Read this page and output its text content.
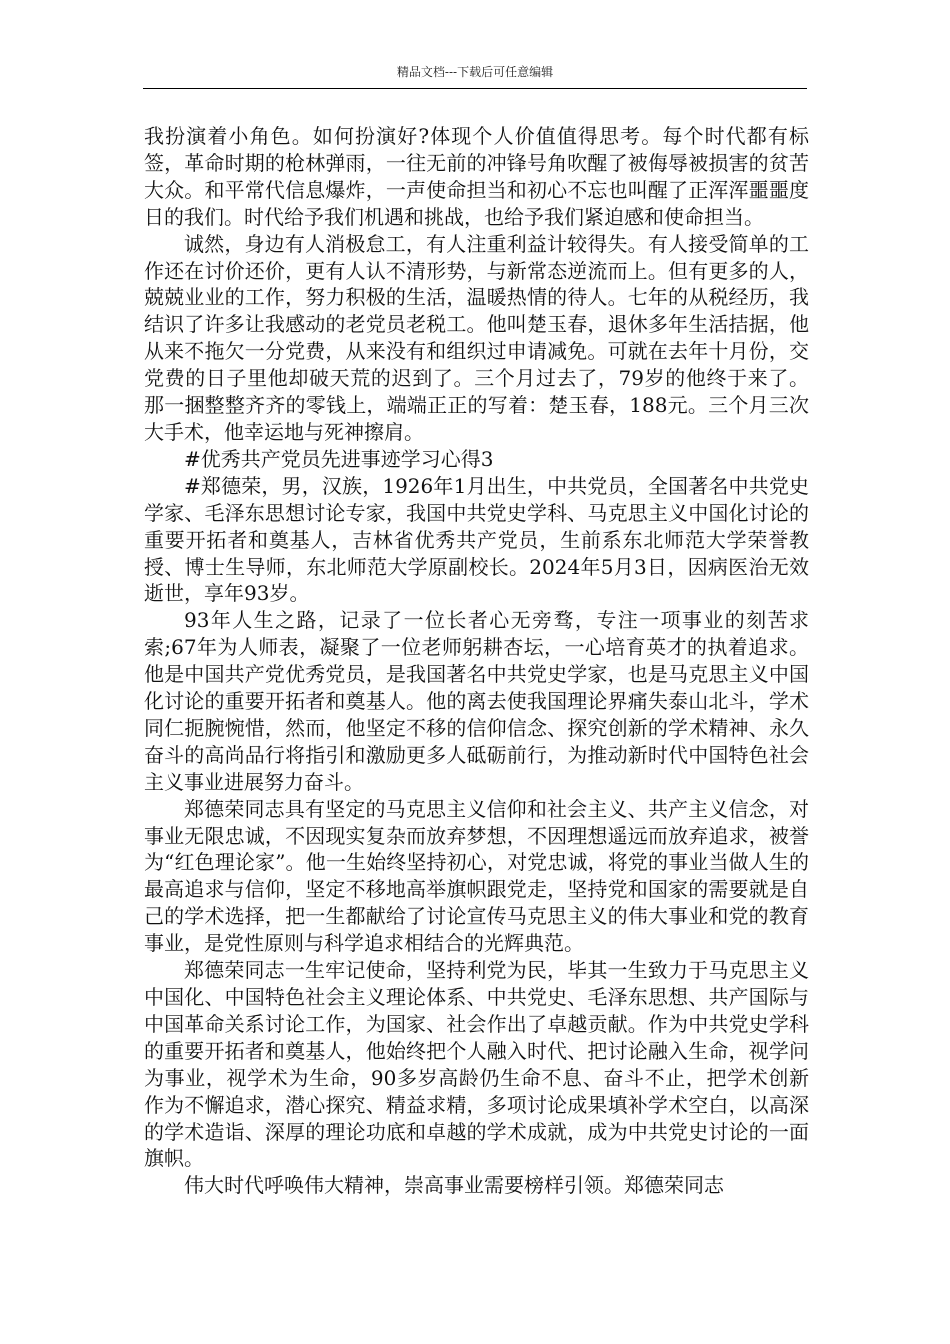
精品文档---下载后可任意编辑

我扮演着小角色。如何扮演好?体现个人价值值得思考。每个时代都有标签，革命时期的枪林弹雨，一往无前的冲锋号角吹醒了被侮辱被损害的贫苦大众。和平常代信息爆炸，一声使命担当和初心不忘也叫醒了正浑浑噩噩度日的我们。时代给予我们机遇和挑战，也给予我们紧迫感和使命担当。

诚然，身边有人消极怠工，有人注重利益计较得失。有人接受简单的工作还在讨价还价，更有人认不清形势，与新常态逆流而上。但有更多的人，兢兢业业的工作，努力积极的生活，温暖热情的待人。七年的从税经历，我结识了许多让我感动的老党员老税工。他叫楚玉春，退休多年生活拮据，他从来不拖欠一分党费，从来没有和组织过申请减免。可就在去年十月份，交党费的日子里他却破天荒的迟到了。三个月过去了，79岁的他终于来了。那一捆整整齐齐的零钱上，端端正正的写着：楚玉春，188元。三个月三次大手术，他幸运地与死神擦肩。

#优秀共产党员先进事迹学习心得3

#郑德荣，男，汉族，1926年1月出生，中共党员，全国著名中共党史学家、毛泽东思想讨论专家，我国中共党史学科、马克思主义中国化讨论的重要开拓者和奠基人，吉林省优秀共产党员，生前系东北师范大学荣誉教授、博士生导师，东北师范大学原副校长。2024年5月3日，因病医治无效逝世，享年93岁。

93年人生之路，记录了一位长者心无旁骛，专注一项事业的刻苦求索;67年为人师表，凝聚了一位老师躬耕杏坛，一心培育英才的执着追求。他是中国共产党优秀党员，是我国著名中共党史学家，也是马克思主义中国化讨论的重要开拓者和奠基人。他的离去使我国理论界痛失泰山北斗，学术同仁扼腕惋惜，然而，他坚定不移的信仰信念、探究创新的学术精神、永久奋斗的高尚品行将指引和激励更多人砥砺前行，为推动新时代中国特色社会主义事业进展努力奋斗。

郑德荣同志具有坚定的马克思主义信仰和社会主义、共产主义信念，对事业无限忠诚，不因现实复杂而放弃梦想，不因理想遥远而放弃追求，被誉为“红色理论家”。他一生始终坚持初心，对党忠诚，将党的事业当做人生的最高追求与信仰，坚定不移地高举旗帜跟党走，坚持党和国家的需要就是自己的学术选择，把一生都献给了讨论宣传马克思主义的伟大事业和党的教育事业，是党性原则与科学追求相结合的光辉典范。

郑德荣同志一生牢记使命，坚持利党为民，毕其一生致力于马克思主义中国化、中国特色社会主义理论体系、中共党史、毛泽东思想、共产国际与中国革命关系讨论工作，为国家、社会作出了卓越贡献。作为中共党史学科的重要开拓者和奠基人，他始终把个人融入时代、把讨论融入生命，视学问为事业，视学术为生命，90多岁高龄仍生命不息、奋斗不止，把学术创新作为不懈追求，潜心探究、精益求精，多项讨论成果填补学术空白，以高深的学术造诣、深厚的理论功底和卓越的学术成就，成为中共党史讨论的一面旗帜。

伟大时代呼唤伟大精神，崇高事业需要榜样引领。郑德荣同志
